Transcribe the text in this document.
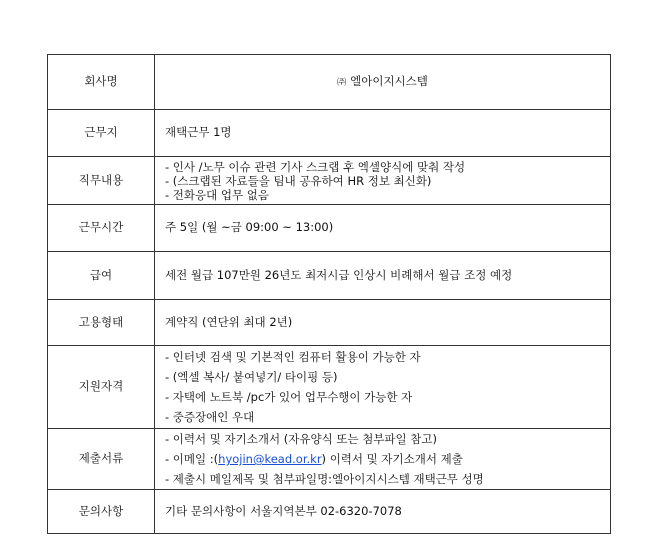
회사명	㈜ 엘아이지시스템
근무지	재택근무 1명
직무내용	- 인사 /노무 이슈 관련 기사 스크랩 후 엑셀양식에 맞춰 작성
- (스크랩된 자료들을 팀내 공유하여 HR 정보 최신화)
- 전화응대 업무 없음

근무시간	주 5일 (월 ~금 09:00 ~ 13:00)
급여	세전 월급 107만원 26년도 최저시급 인상시 비례해서 월급 조정 예정
고용형태	계약직 (연단위 최대 2년)
지원자격	- 인터넷 검색 및 기본적인 컴퓨터 활용이 가능한 자
- (엑셀 복사/ 붙여넣기/ 타이핑 등)
- 자택에 노트북 /pc가 있어 업무수행이 가능한 자
- 중증장애인 우대

제출서류	- 이력서 및 자기소개서 (자유양식 또는 첨부파일 참고)
- 이메일 :(hyojin@kead.or.kr) 이력서 및 자기소개서 제출
- 제출시 메일제목 및 첨부파일명:엘아이지시스템 재택근무 성명

문의사항	기타 문의사항이 서울지역본부 02-6320-7078
